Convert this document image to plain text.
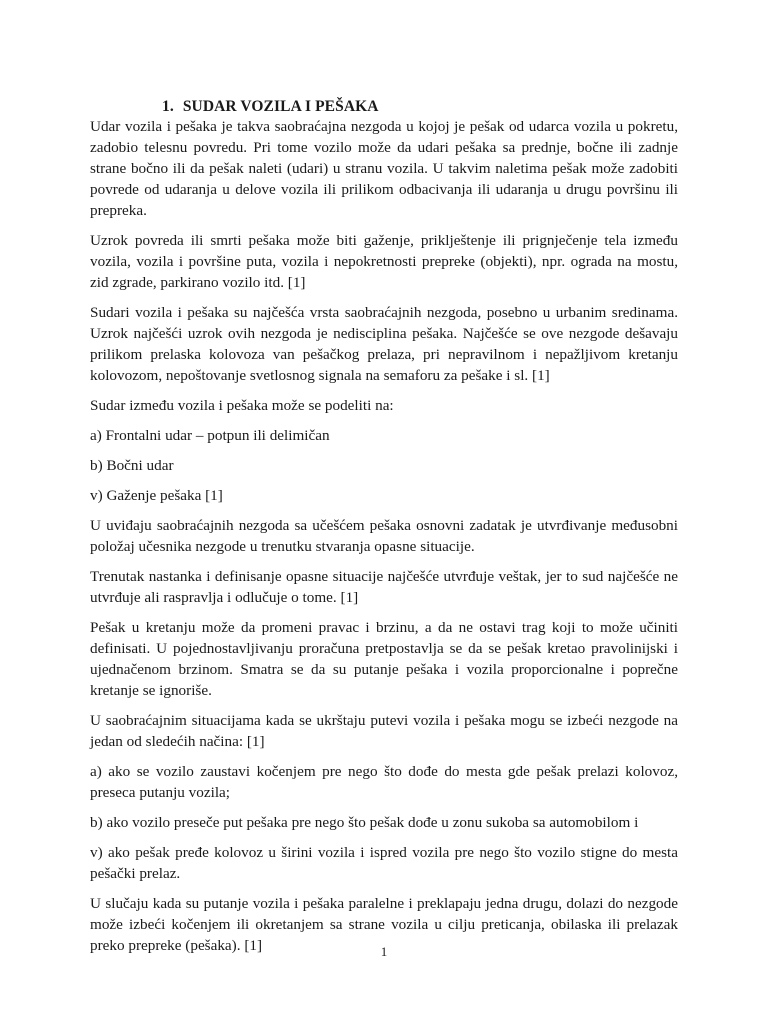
1. SUDAR VOZILA I PEŠAKA

Udar vozila i pešaka je takva saobraćajna nezgoda u kojoj je pešak od udarca vozila u pokretu, zadobio telesnu povredu. Pri tome vozilo može da udari pešaka sa prednje, bočne ili zadnje strane bočno ili da pešak naleti (udari) u stranu vozila. U takvim naletima pešak može zadobiti povrede od udaranja u delove vozila ili prilikom odbacivanja ili udaranja u drugu površinu ili prepreka.

Uzrok povreda ili smrti pešaka može biti gaženje, priklještenje ili prignječenje tela između vozila, vozila i površine puta, vozila i nepokretnosti prepreke (objekti), npr. ograda na mostu, zid zgrade, parkirano vozilo itd. [1]

Sudari vozila i pešaka su najčešća vrsta saobraćajnih nezgoda, posebno u urbanim sredinama. Uzrok najčešći uzrok ovih nezgoda je nedisciplina pešaka. Najčešće se ove nezgode dešavaju prilikom prelaska kolovoza van pešačkog prelaza, pri nepravilnom i nepažljivom kretanju kolovozom, nepoštovanje svetlosnog signala na semaforu za pešake i sl. [1]

Sudar između vozila i pešaka može se podeliti na:

a) Frontalni udar – potpun ili delimičan

b) Bočni udar

v) Gaženje pešaka [1]

U uviđaju saobraćajnih nezgoda sa učešćem pešaka osnovni zadatak je utvrđivanje međusobni položaj učesnika nezgode u trenutku stvaranja opasne situacije.

Trenutak nastanka i definisanje opasne situacije najčešće utvrđuje veštak, jer to sud najčešće ne utvrđuje ali raspravlja i odlučuje o tome. [1]

Pešak u kretanju može da promeni pravac i brzinu, a da ne ostavi trag koji to može učiniti definisati. U pojednostavljivanju proračuna pretpostavlja se da se pešak kretao pravolinijski i ujednačenom brzinom. Smatra se da su putanje pešaka i vozila proporcionalne i poprečne kretanje se ignoriše.

U saobraćajnim situacijama kada se ukrštaju putevi vozila i pešaka mogu se izbeći nezgode na jedan od sledećih načina: [1]

a) ako se vozilo zaustavi kočenjem pre nego što dođe do mesta gde pešak prelazi kolovoz, preseca putanju vozila;

b) ako vozilo preseče put pešaka pre nego što pešak dođe u zonu sukoba sa automobilom i

v) ako pešak pređe kolovoz u širini vozila i ispred vozila pre nego što vozilo stigne do mesta pešački prelaz.

U slučaju kada su putanje vozila i pešaka paralelne i preklapaju jedna drugu, dolazi do nezgode može izbeći kočenjem ili okretanjem sa strane vozila u cilju preticanja, obilaska ili prelazak preko prepreke (pešaka). [1]	1
